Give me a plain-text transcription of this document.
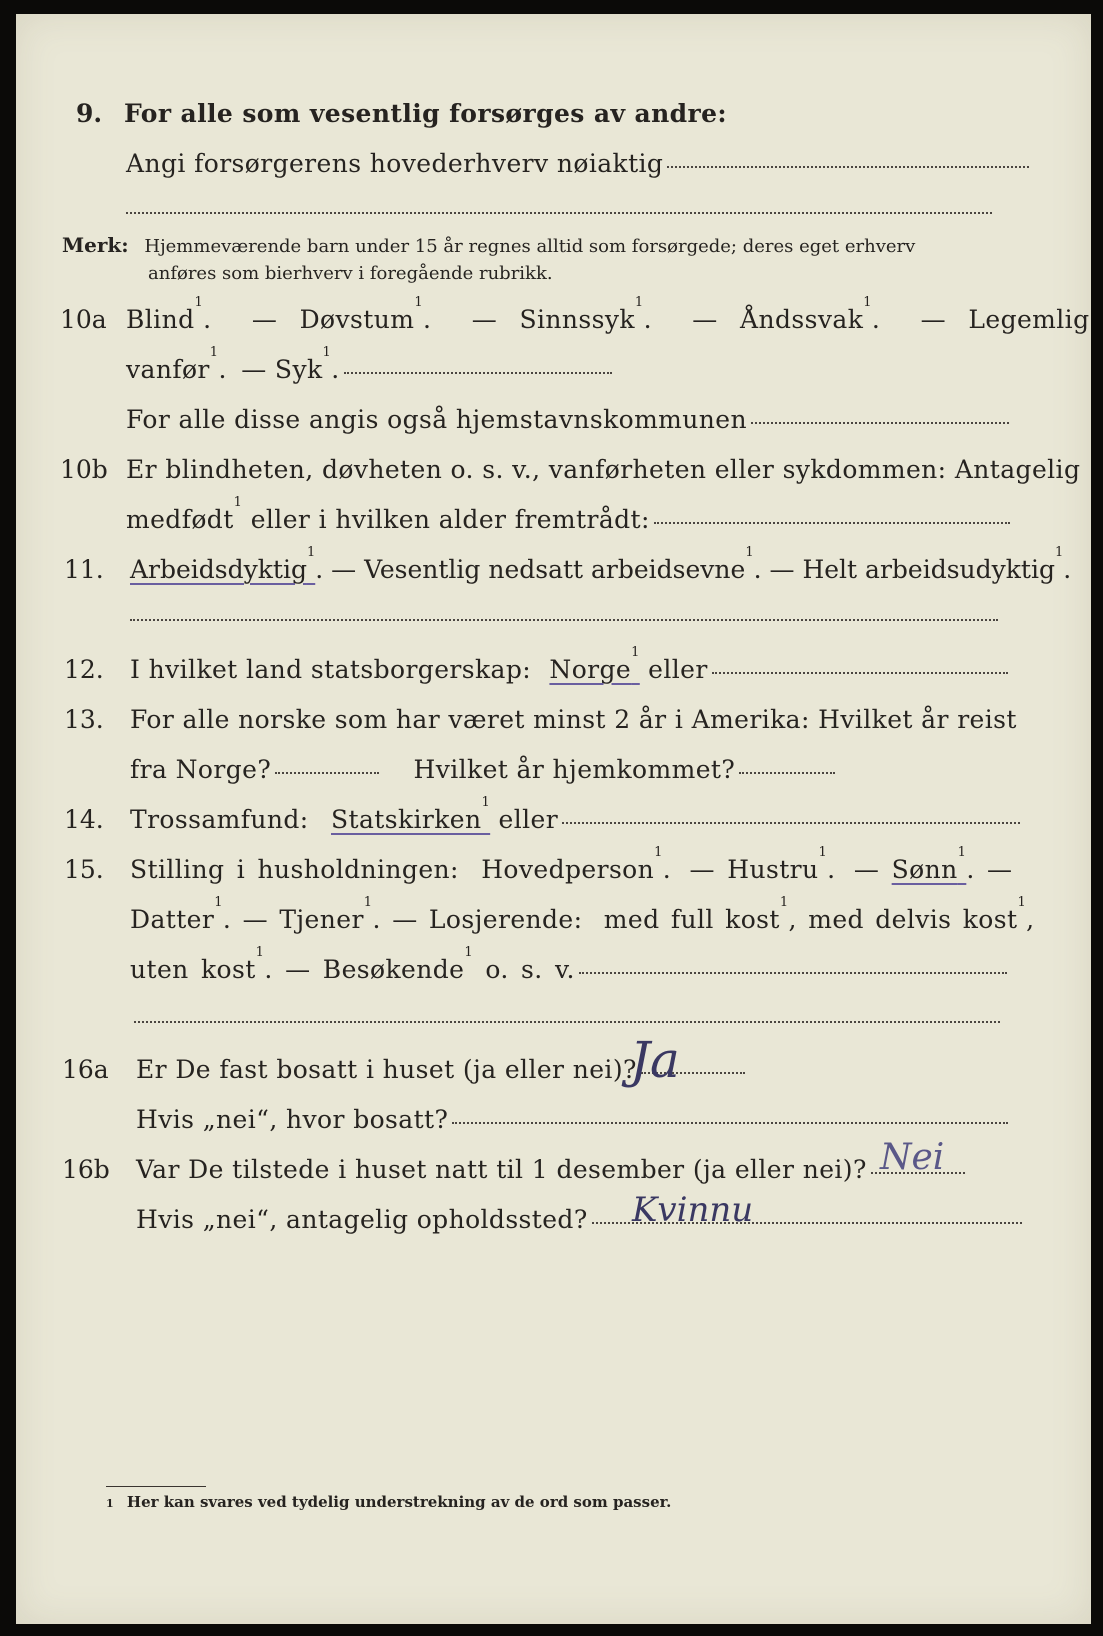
9. For alle som vesentlig forsørges av andre:
Angi forsørgerens hovederhverv nøiaktig
Merk: Hjemmeværende barn under 15 år regnes alltid som forsørgede; deres eget erhverv
anføres som bierhverv i foregående rubrikk.
10a Blind$^1$. — Døvstum$^1$. — Sinnssyk$^1$. — Åndssvak$^1$. — Legemlig
vanfør$^1$. — Syk$^1$.
For alle disse angis også hjemstavnskommunen
10b Er blindheten, døvheten o. s. v., vanførheten eller sykdommen: Antagelig
medfødt$^1$ eller i hvilken alder fremtrådt:
11. Arbeidsdyktig$^1$. — Vesentlig nedsatt arbeidsevne$^1$. — Helt arbeidsudyktig$^1$.
12. I hvilket land statsborgerskap: Norge$^1$ eller
13. For alle norske som har været minst 2 år i Amerika: Hvilket år reist
fra Norge?	Hvilket år hjemkommet?
14. Trossamfund: Statskirken$^1$ eller
15. Stilling i husholdningen: Hovedperson$^1$. — Hustru$^1$. — Sønn$^1$. —
Datter$^1$. — Tjener$^1$. — Losjerende: med full kost$^1$, med delvis kost$^1$,
uten kost$^1$. — Besøkende$^1$ o. s. v.
16a Er De fast bosatt i huset (ja eller nei)?
Ja
Hvis „nei“, hvor bosatt?
16b Var De tilstede i huset natt til 1 desember (ja eller nei)? Nei
Hvis „nei“, antagelig opholdssted?	Kvinnu
1 Her kan svares ved tydelig understrekning av de ord som passer.
